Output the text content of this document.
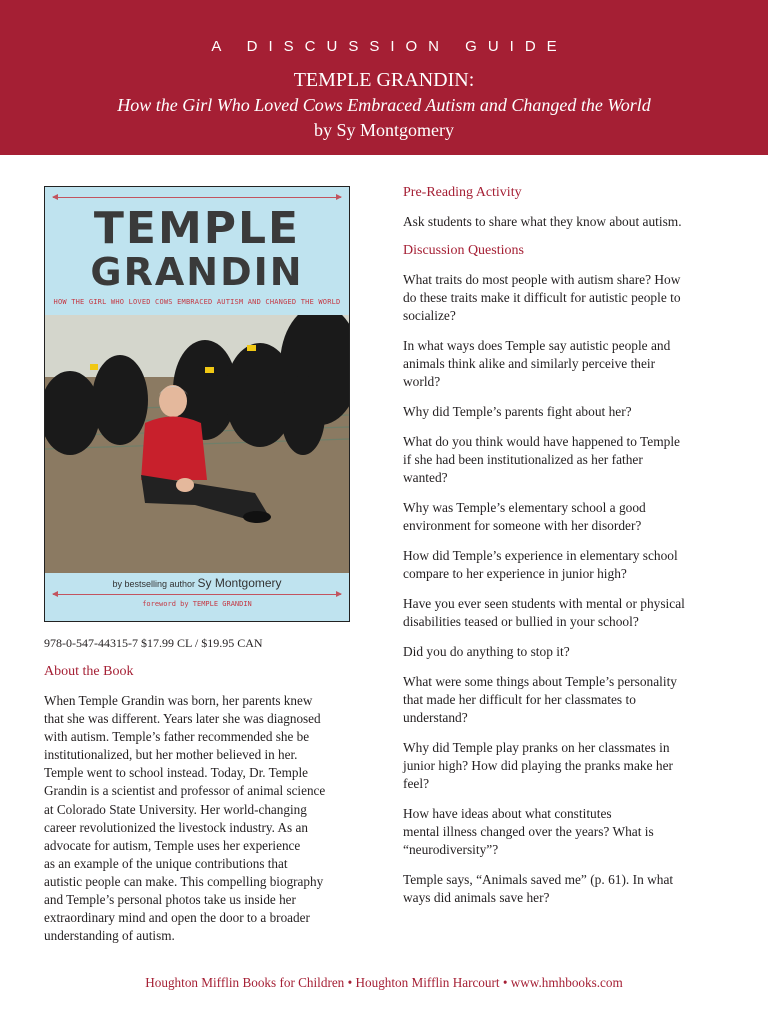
A DISCUSSION GUIDE
TEMPLE GRANDIN:
How the Girl Who Loved Cows Embraced Autism and Changed the World
by Sy Montgomery
TEMPLE
GRANDIN
HOW THE GIRL WHO LOVED COWS EMBRACED AUTISM AND CHANGED THE WORLD
by bestselling author Sy Montgomery
foreword by TEMPLE GRANDIN
978-0-547-44315-7 $17.99 CL / $19.95 CAN
About the Book

When Temple Grandin was born, her parents knew
that she was different. Years later she was diagnosed
with autism. Temple’s father recommended she be
institutionalized, but her mother believed in her.
Temple went to school instead. Today, Dr. Temple
Grandin is a scientist and professor of animal science
at Colorado State University. Her world-changing
career revolutionized the livestock industry. As an
advocate for autism, Temple uses her experience
as an example of the unique contributions that
autistic people can make. This compelling biography
and Temple’s personal photos take us inside her
extraordinary mind and open the door to a broader
understanding of autism.

Pre-Reading Activity
Ask students to share what they know about autism.
Discussion Questions

What traits do most people with autism share? How
do these traits make it difficult for autistic people to
socialize?

In what ways does Temple say autistic people and
animals think alike and similarly perceive their
world?

Why did Temple’s parents fight about her?

What do you think would have happened to Temple
if she had been institutionalized as her father
wanted?

Why was Temple’s elementary school a good
environment for someone with her disorder?

How did Temple’s experience in elementary school
compare to her experience in junior high?

Have you ever seen students with mental or physical
disabilities teased or bullied in your school?

Did you do anything to stop it?

What were some things about Temple’s personality
that made her difficult for her classmates to
understand?

Why did Temple play pranks on her classmates in
junior high? How did playing the pranks make her
feel?

How have ideas about what constitutes
mental illness changed over the years? What is
“neurodiversity”?

Temple says, “Animals saved me” (p. 61). In what
ways did animals save her?

Houghton Mifflin Books for Children • Houghton Mifflin Harcourt • www.hmhbooks.com
